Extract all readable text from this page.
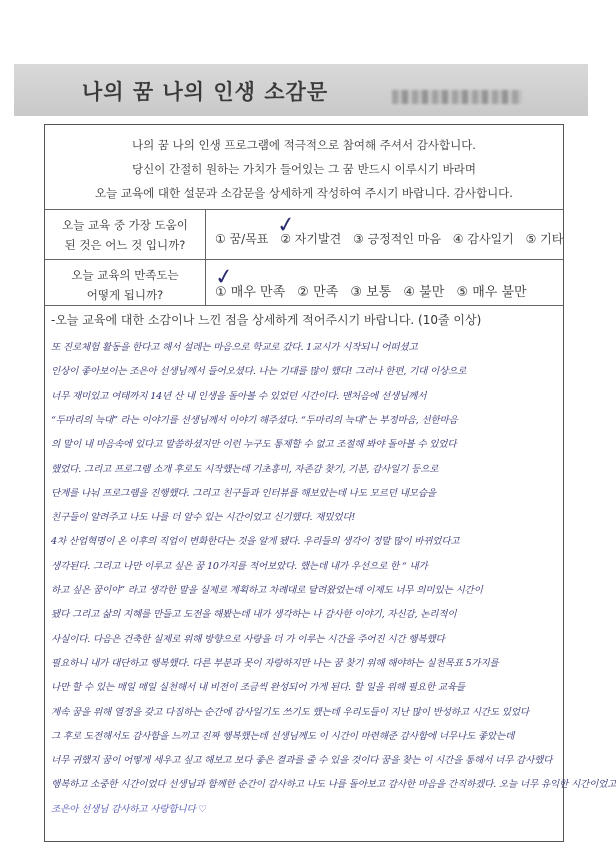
나의 꿈 나의 인생 소감문
나의 꿈 나의 인생 프로그램에 적극적으로 참여해 주셔서 감사합니다.
당신이 간절히 원하는 가치가 들어있는 그 꿈 반드시 이루시기 바라며
오늘 교육에 대한 설문과 소감문을 상세하게 작성하여 주시기 바랍니다. 감사합니다.
오늘 교육 중 가장 도움이
된 것은 어느 것 입니까?	① 꿈/목표 ② 자기발견 ③ 긍정적인 마음 ④ 감사일기 ⑤ 기타
✓
오늘 교육의 만족도는
어떻게 됩니까?	① 매우 만족 ② 만족 ③ 보통 ④ 불만 ⑤ 매우 불만
✓
-오늘 교육에 대한 소감이나 느낀 점을 상세하게 적어주시기 바랍니다. (10줄 이상)
또 진로체험 활동을 한다고 해서 설레는 마음으로 학교로 갔다. 1교시가 시작되니 어떠셨고
인상이 좋아보이는 조은아 선생님께서 들어오셨다. 나는 기대를 많이 했다! 그러나 한편, 기대 이상으로
너무 재미있고 여태까지 14년 산 내 인생을 돌아볼 수 있었던 시간이다. 맨처음에 선생님께서
“두마리의 늑대” 라는 이야기를 선생님께서 이야기 해주셨다. “두마리의 늑대”는 부정마음, 선한마음
의 말이 내 마음속에 있다고 말씀하셨지만 이런 누구도 통제할 수 없고 조절해 봐야 돌아볼 수 있었다
했었다. 그리고 프로그램 소개 후로도 시작했는데 기초흥미, 자존감 찾기, 기분, 감사일기 등으로
단계를 나눠 프로그램을 진행했다. 그리고 친구들과 인터뷰를 해보았는데 나도 모르던 내모습을
친구들이 알려주고 나도 나를 더 알수 있는 시간이었고 신기했다. 재밌었다!
4차 산업혁명이 온 이후의 직업이 변화한다는 것을 알게 됐다. 우리들의 생각이 정말 많이 바뀌었다고
생각된다. 그리고 나만 이루고 싶은 꿈 10가지를 적어보았다. 했는데 내가 우선으로 한 “ 내가
하고 싶은 꿈이야” 라고 생각한 말을 실제로 계획하고 차례대로 달려왔었는데 이제도 너무 의미있는 시간이
됐다 그리고 삶의 지혜를 만들고 도전을 해봤는데 내가 생각하는 나 감사한 이야기, 자신감, 논리적이
사실이다. 다음은 건축한 실제로 위해 방향으로 사랑을 더 가 이루는 시간을 주어진 시간 행복했다
필요하니 내가 대단하고 행복했다. 다른 부분과 못이 자랑하지만 나는 꿈 찾기 위해 해야하는 실천목표 5가지를
나만 할 수 있는 매일 매일 실천해서 내 비전이 조금씩 완성되어 가게 된다. 할 일을 위해 필요한 교육들
계속 꿈을 위해 열정을 갖고 다짐하는 순간에 감사일기도 쓰기도 했는데 우리도들이 지난 많이 반성하고 시간도 있었다
그 후로 도전해서도 감사함을 느끼고 진짜 행복했는데 선생님께도 이 시간이 마련해준 감사함에 너무나도 좋았는데
너무 귀했지 꿈이 어떻게 세우고 싶고 해보고 보다 좋은 결과를 줄 수 있을 것이다 꿈을 찾는 이 시간을 통해서 너무 감사했다
행복하고 소중한 시간이었다 선생님과 함께한 순간이 감사하고 나도 나를 돌아보고 감사한 마음을 간직하겠다. 오늘 너무 유익한 시간이었고
조은아 선생님 감사하고 사랑합니다 ♡
